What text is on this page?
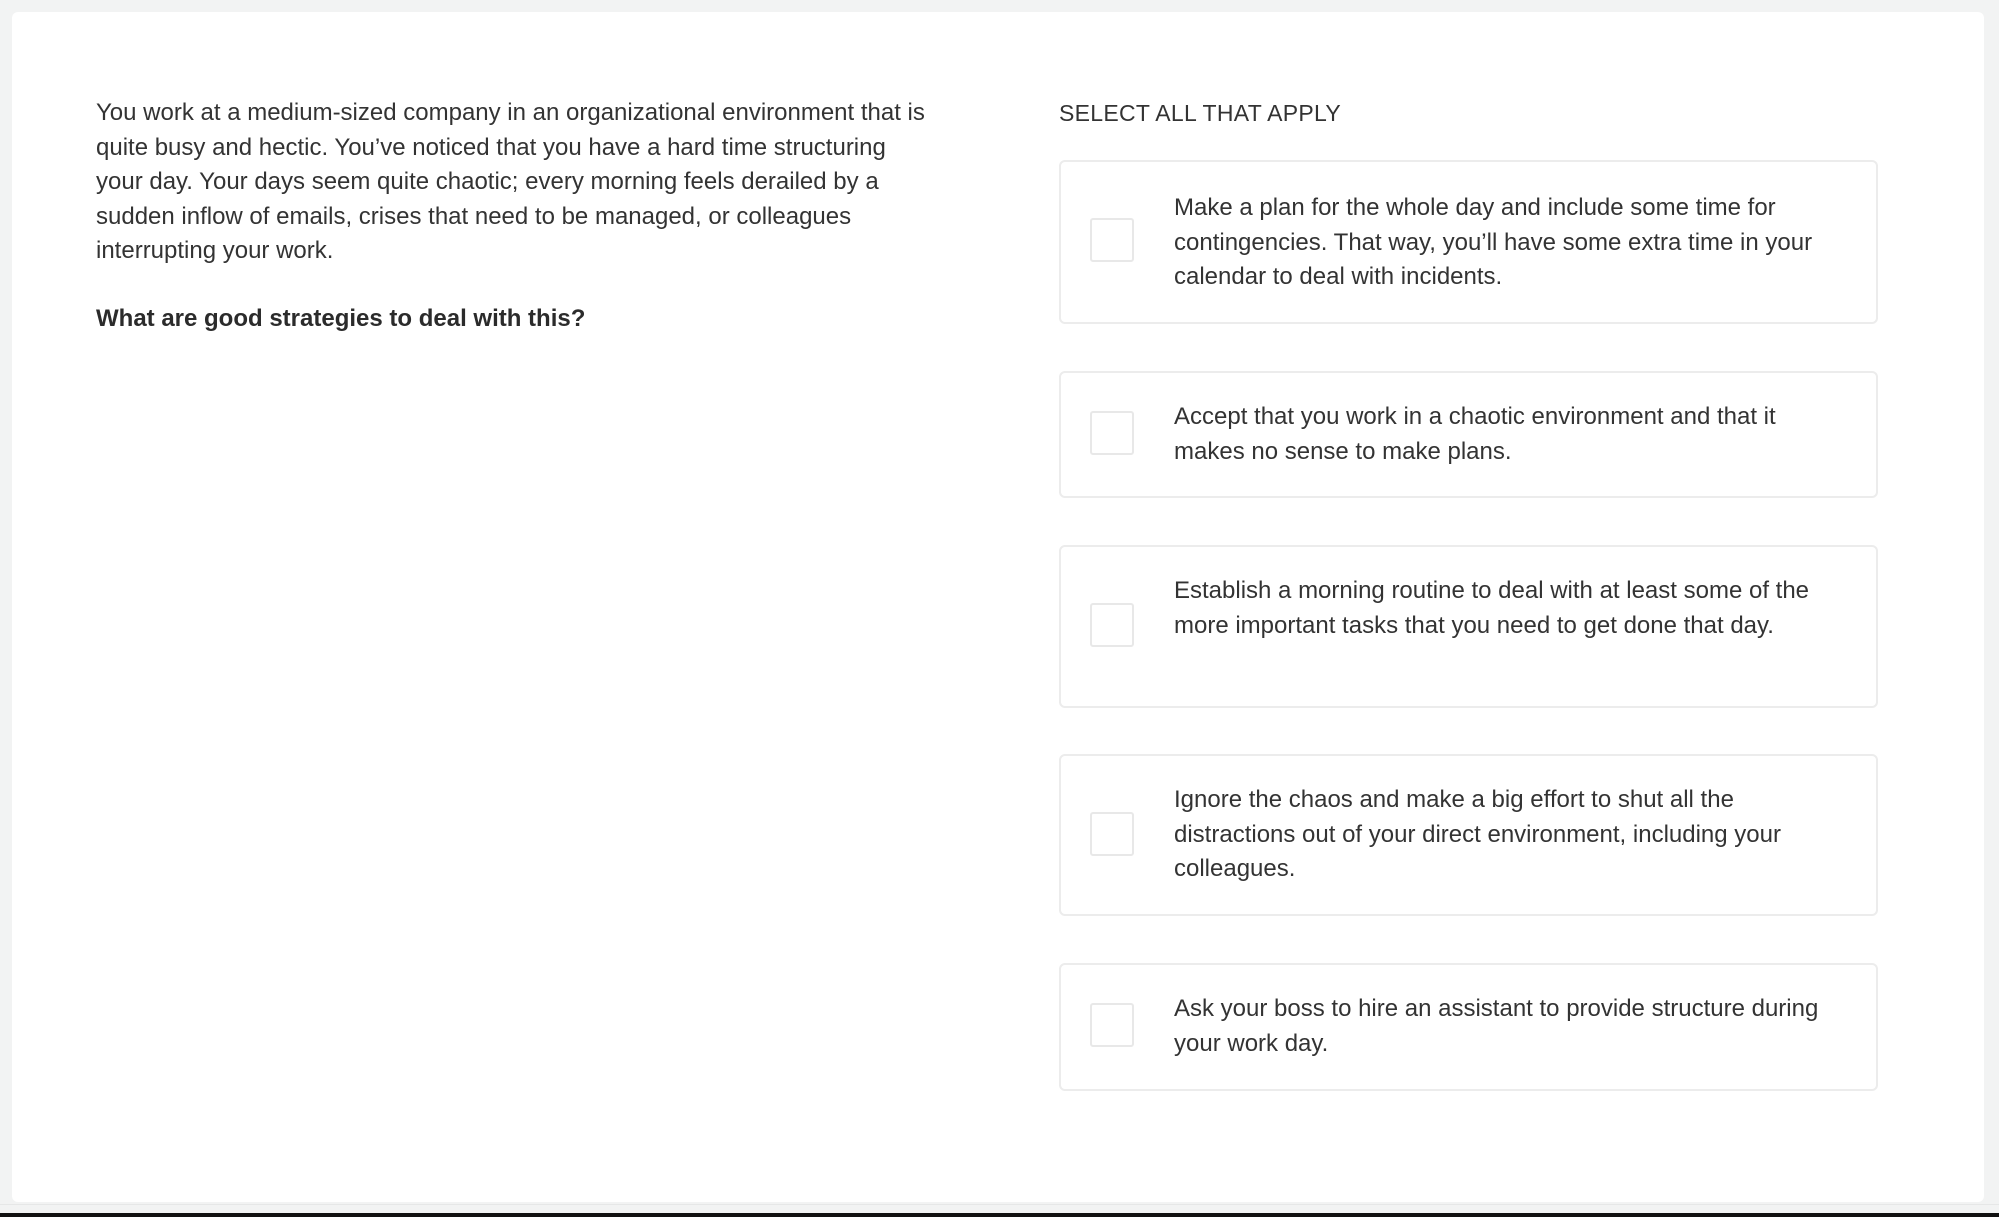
You work at a medium-sized company in an organizational environment that is quite busy and hectic. You’ve noticed that you have a hard time structuring your day. Your days seem quite chaotic; every morning feels derailed by a sudden inflow of emails, crises that need to be managed, or colleagues interrupting your work.

What are good strategies to deal with this?
SELECT ALL THAT APPLY
Make a plan for the whole day and include some time for contingencies. That way, you’ll have some extra time in your calendar to deal with incidents.
Accept that you work in a chaotic environment and that it makes no sense to make plans.
Establish a morning routine to deal with at least some of the more important tasks that you need to get done that day.
Ignore the chaos and make a big effort to shut all the distractions out of your direct environment, including your colleagues.
Ask your boss to hire an assistant to provide structure during your work day.
